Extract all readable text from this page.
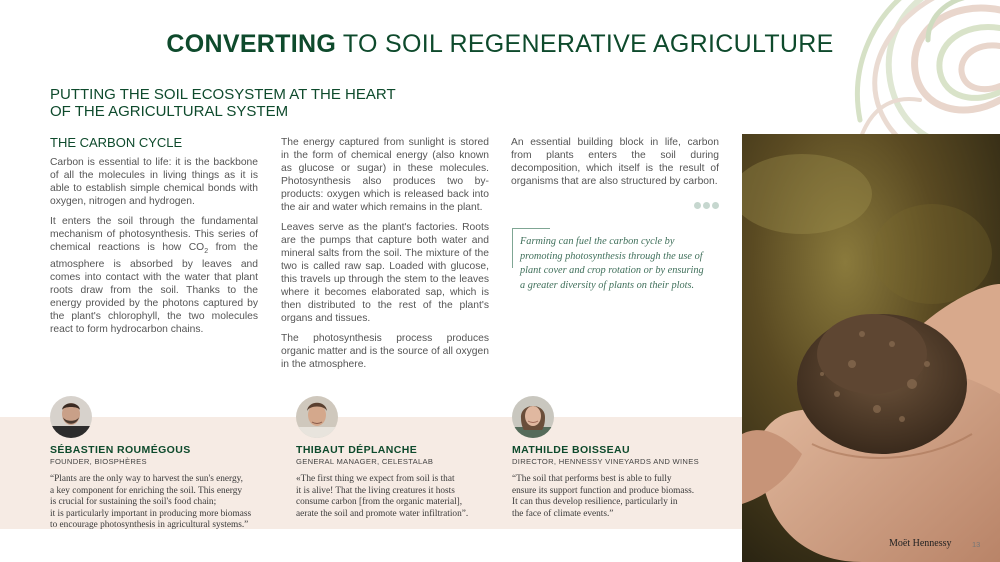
CONVERTING TO SOIL REGENERATIVE AGRICULTURE
PUTTING THE SOIL ECOSYSTEM AT THE HEART OF THE AGRICULTURAL SYSTEM
THE CARBON CYCLE

Carbon is essential to life: it is the backbone of all the molecules in living things as it is able to establish simple chemical bonds with oxygen, nitrogen and hydrogen.

It enters the soil through the fundamental mechanism of photosynthesis. This series of chemical reactions is how $CO_2$ from the atmosphere is absorbed by leaves and comes into contact with the water that plant roots draw from the soil. Thanks to the energy provided by the photons captured by the plant's chlorophyll, the two molecules react to form hydrocarbon chains.

The energy captured from sunlight is stored in the form of chemical energy (also known as glucose or sugar) in these molecules. Photosynthesis also produces two by-products: oxygen which is released back into the air and water which remains in the plant.

Leaves serve as the plant's factories. Roots are the pumps that capture both water and mineral salts from the soil. The mixture of the two is called raw sap. Loaded with glucose, this travels up through the stem to the leaves where it becomes elaborated sap, which is then distributed to the rest of the plant's organs and tissues.

The photosynthesis process produces organic matter and is the source of all oxygen in the atmosphere.

An essential building block in life, carbon from plants enters the soil during decomposition, which itself is the result of organisms that are also structured by carbon.

Farming can fuel the carbon cycle by promoting photosynthesis through the use of plant cover and crop rotation or by ensuring a greater diversity of plants on their plots.
SÉBASTIEN ROUMÉGOUS
FOUNDER, BIOSPHÈRES
“Plants are the only way to harvest the sun's energy,
a key component for enriching the soil. This energy
is crucial for sustaining the soil's food chain;
it is particularly important in producing more biomass
to encourage photosynthesis in agricultural systems.”
THIBAUT DÉPLANCHE
GENERAL MANAGER, CELESTALAB
«The first thing we expect from soil is that
it is alive! That the living creatures it hosts
consume carbon [from the organic material],
aerate the soil and promote water infiltration”.
MATHILDE BOISSEAU
DIRECTOR, HENNESSY VINEYARDS AND WINES
“The soil that performs best is able to fully
ensure its support function and produce biomass.
It can thus develop resilience, particularly in
the face of climate events.”
Moët Hennessy	13
